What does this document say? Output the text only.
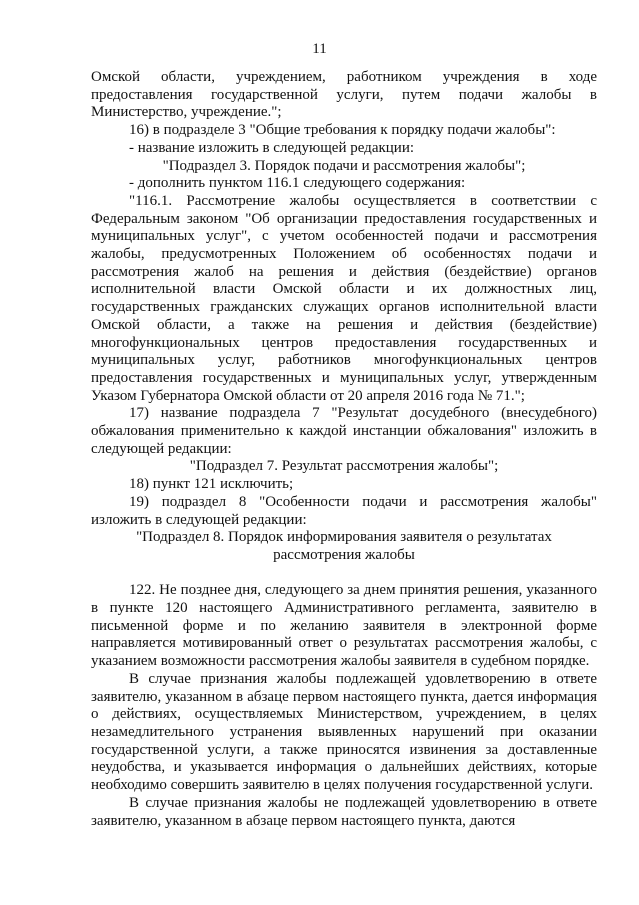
11

Омской области, учреждением, работником учреждения в ходе предоставления государственной услуги, путем подачи жалобы в Министерство, учреждение.";

16) в подразделе 3 "Общие требования к порядку подачи жалобы":

- название изложить в следующей редакции:

"Подраздел 3. Порядок подачи и рассмотрения жалобы";

- дополнить пунктом 116.1 следующего содержания:

"116.1. Рассмотрение жалобы осуществляется в соответствии с Федеральным законом "Об организации предоставления государственных и муниципальных услуг", с учетом особенностей подачи и рассмотрения жалобы, предусмотренных Положением об особенностях подачи и рассмотрения жалоб на решения и действия (бездействие) органов исполнительной власти Омской области и их должностных лиц, государственных гражданских служащих органов исполнительной власти Омской области, а также на решения и действия (бездействие) многофункциональных центров предоставления государственных и муниципальных услуг, работников многофункциональных центров предоставления государственных и муниципальных услуг, утвержденным Указом Губернатора Омской области от 20 апреля 2016 года № 71.";

17) название подраздела 7 "Результат досудебного (внесудебного) обжалования применительно к каждой инстанции обжалования" изложить в следующей редакции:

"Подраздел 7. Результат рассмотрения жалобы";

18) пункт 121 исключить;

19) подраздел 8 "Особенности подачи и рассмотрения жалобы" изложить в следующей редакции:

"Подраздел 8. Порядок информирования заявителя о результатах

рассмотрения жалобы

122. Не позднее дня, следующего за днем принятия решения, указанного в пункте 120 настоящего Административного регламента, заявителю в письменной форме и по желанию заявителя в электронной форме направляется мотивированный ответ о результатах рассмотрения жалобы, с указанием возможности рассмотрения жалобы заявителя в судебном порядке.

В случае признания жалобы подлежащей удовлетворению в ответе заявителю, указанном в абзаце первом настоящего пункта, дается информация о действиях, осуществляемых Министерством, учреждением, в целях незамедлительного устранения выявленных нарушений при оказании государственной услуги, а также приносятся извинения за доставленные неудобства, и указывается информация о дальнейших действиях, которые необходимо совершить заявителю в целях получения государственной услуги.

В случае признания жалобы не подлежащей удовлетворению в ответе заявителю, указанном в абзаце первом настоящего пункта, даются
